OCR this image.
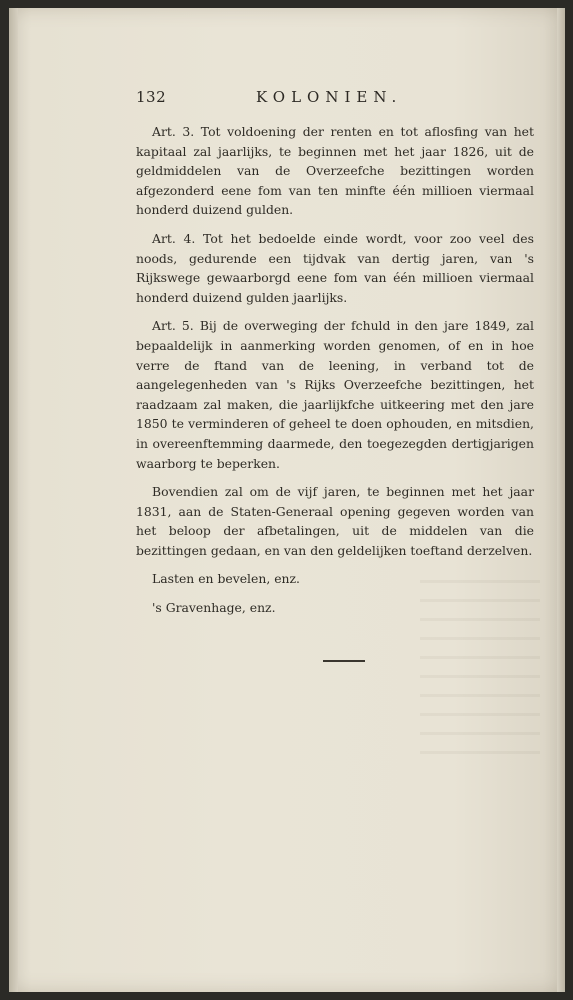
132	KOLONIEN.

Art. 3. Tot voldoening der renten en tot aflosfing van het kapitaal zal jaarlijks, te beginnen met het jaar 1826, uit de geldmiddelen van de Overzeefche bezittingen worden afgezonderd eene fom van ten minfte één millioen viermaal honderd duizend gulden.

Art. 4. Tot het bedoelde einde wordt, voor zoo veel des noods, gedurende een tijdvak van dertig jaren, van 's Rijkswege gewaarborgd eene fom van één millioen viermaal honderd duizend gulden jaarlijks.

Art. 5. Bij de overweging der fchuld in den jare 1849, zal bepaaldelijk in aanmerking worden genomen, of en in hoe verre de ftand van de leening, in verband tot de aangelegenheden van 's Rijks Overzeefche bezittingen, het raadzaam zal maken, die jaarlijkfche uitkeering met den jare 1850 te verminderen of geheel te doen ophouden, en mitsdien, in overeenftemming daarmede, den toegezegden dertigjarigen waarborg te beperken.

Bovendien zal om de vijf jaren, te beginnen met het jaar 1831, aan de Staten-Generaal opening gegeven worden van het beloop der afbetalingen, uit de middelen van die bezittingen gedaan, en van den geldelijken toeftand derzelven.

Lasten en bevelen, enz.

's Gravenhage, enz.
